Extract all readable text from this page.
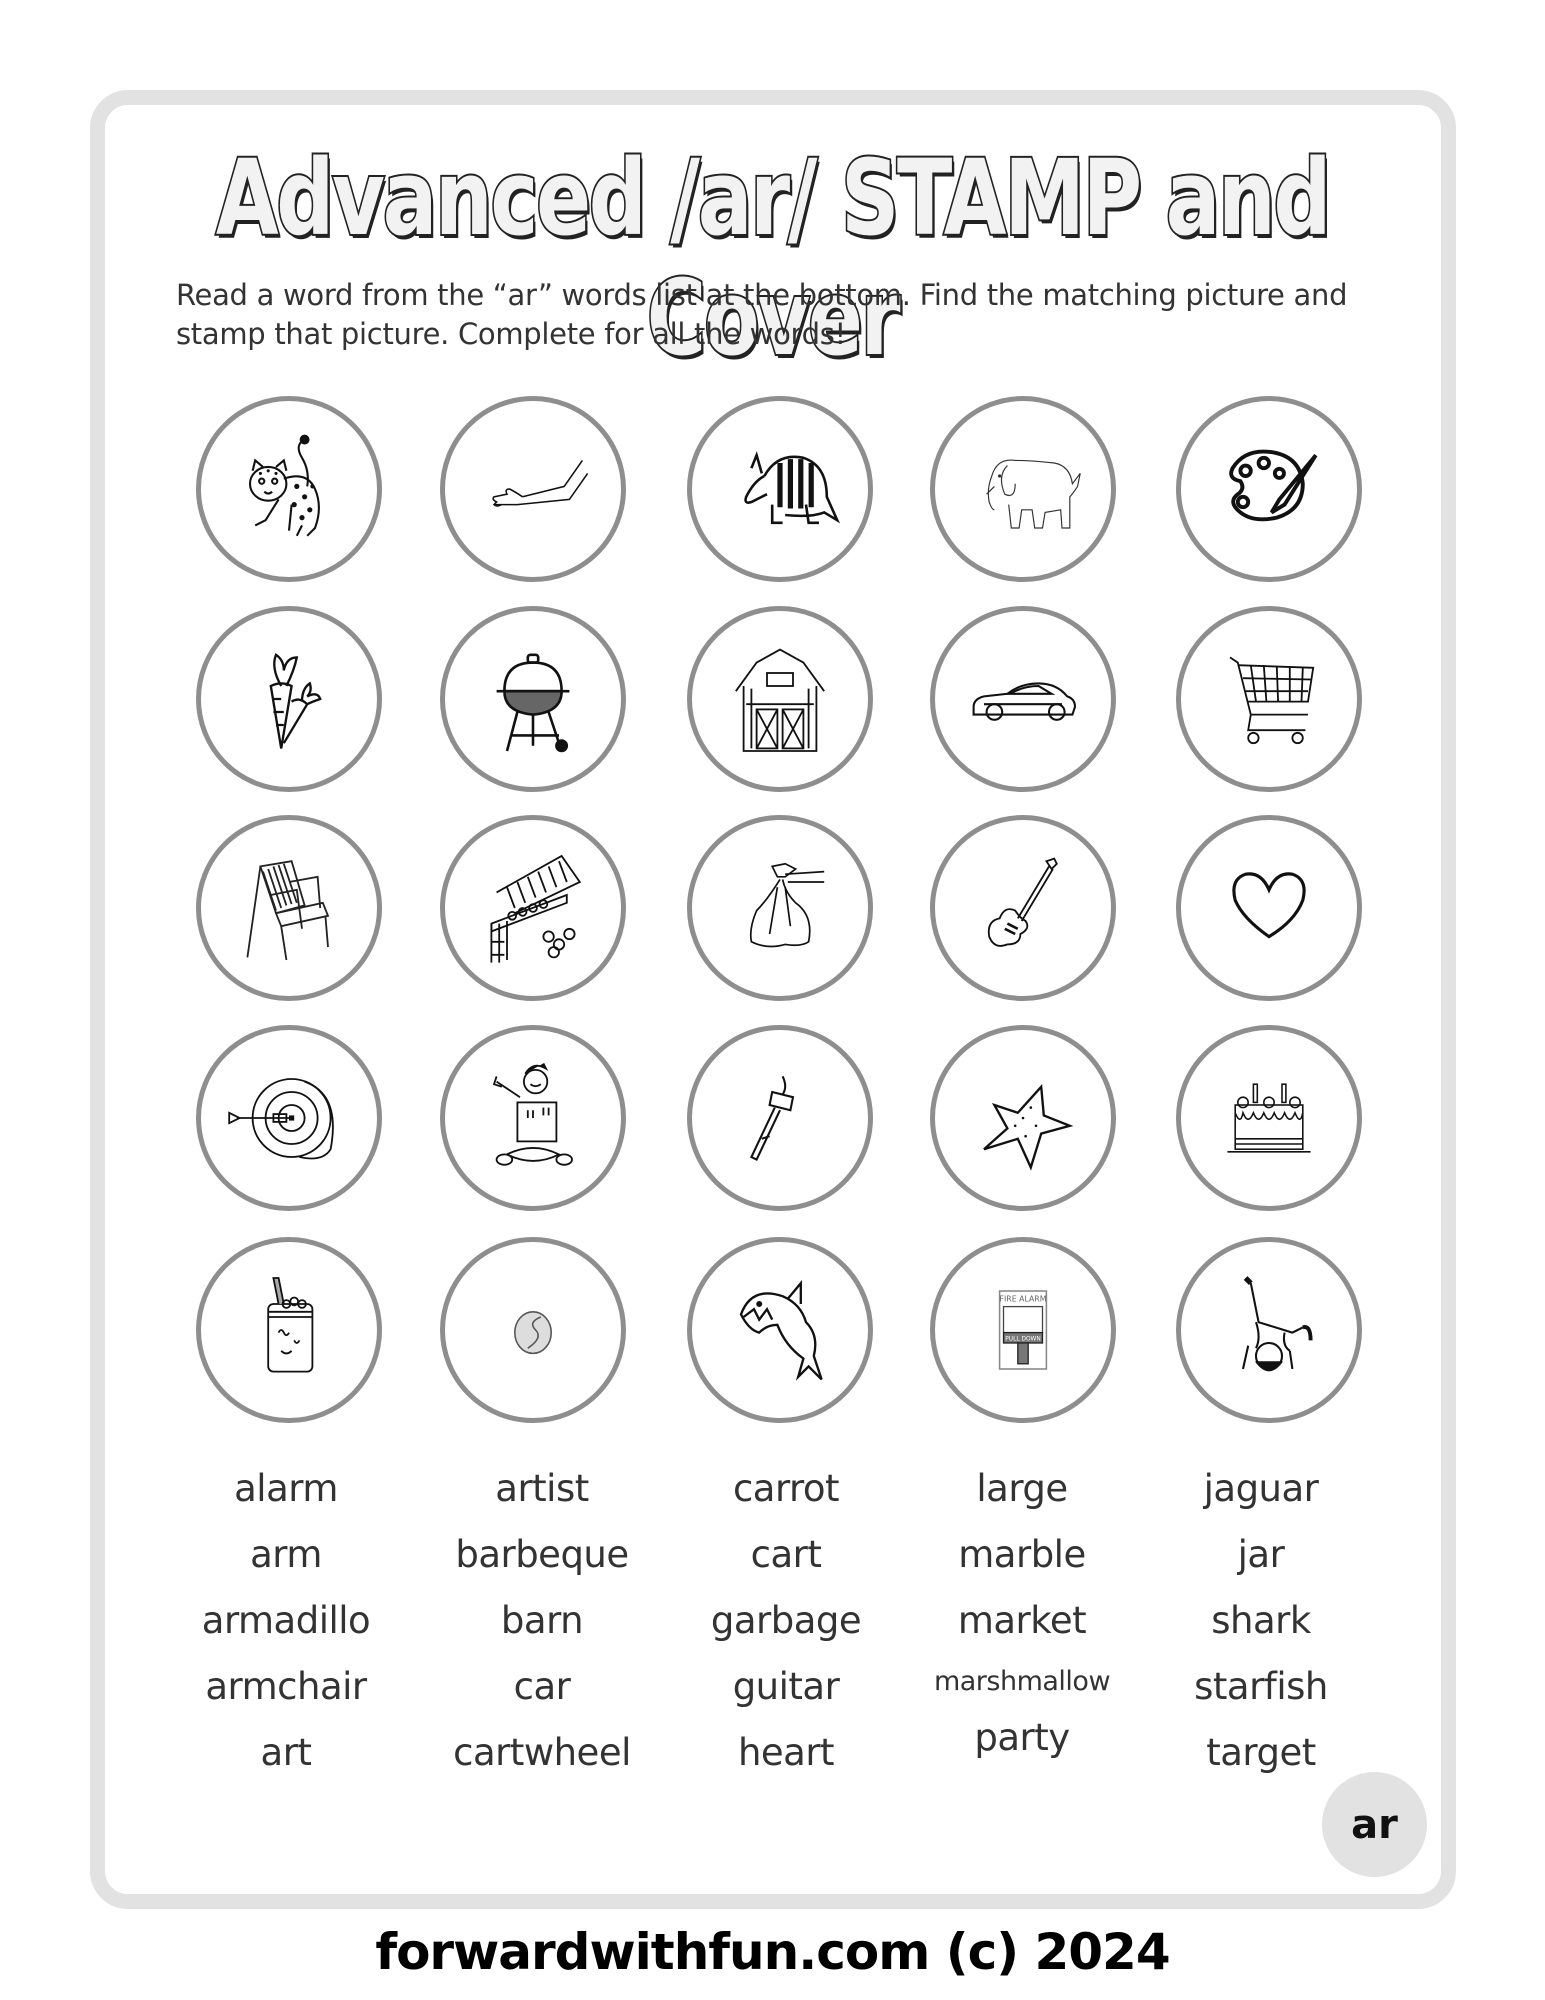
Advanced /ar/ STAMP and Cover
Read a word from the “ar” words list at the bottom. Find the matching picture and stamp that picture. Complete for all the words!
FIRE ALARM
PULL DOWN
alarm
arm
armadillo
armchair
art
artist
barbeque
barn
car
cartwheel
carrot
cart
garbage
guitar
heart
large
marble
market
marshmallow
party
jaguar
jar
shark
starfish
target
ar
forwardwithfun.com (c) 2024
